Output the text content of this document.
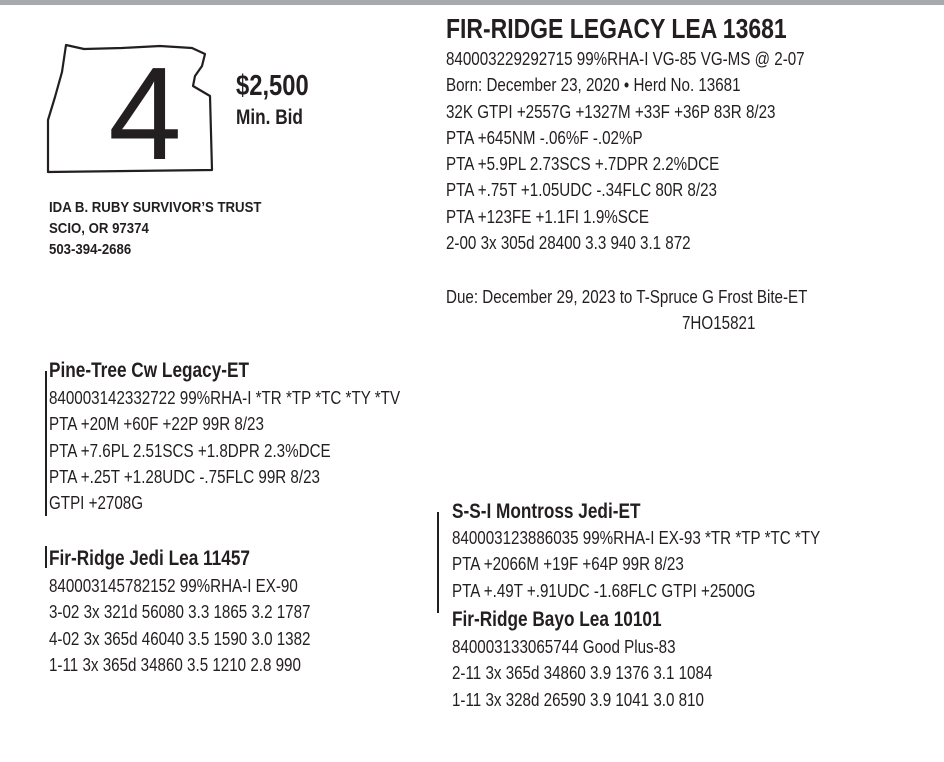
4 $2,500
Min. Bid
IDA B. RUBY SURVIVOR’S TRUST
SCIO, OR 97374
503-394-2686
FIR-RIDGE LEGACY LEA 13681
840003229292715 99%RHA-I VG-85 VG-MS @ 2-07
Born: December 23, 2020 • Herd No. 13681
32K GTPI +2557G +1327M +33F +36P 83R 8/23
PTA +645NM -.06%F -.02%P
PTA +5.9PL 2.73SCS +.7DPR 2.2%DCE
PTA +.75T +1.05UDC -.34FLC 80R 8/23
PTA +123FE +1.1FI 1.9%SCE
2-00 3x 305d 28400 3.3 940 3.1 872
Due: December 29, 2023 to T-Spruce G Frost Bite-ET
7HO15821
Pine-Tree Cw Legacy-ET
840003142332722 99%RHA-I *TR *TP *TC *TY *TV
PTA +20M +60F +22P 99R 8/23
PTA +7.6PL 2.51SCS +1.8DPR 2.3%DCE
PTA +.25T +1.28UDC -.75FLC 99R 8/23
GTPI +2708G
Fir-Ridge Jedi Lea 11457
840003145782152 99%RHA-I EX-90
3-02 3x 321d 56080 3.3 1865 3.2 1787
4-02 3x 365d 46040 3.5 1590 3.0 1382
1-11 3x 365d 34860 3.5 1210 2.8 990
S-S-I Montross Jedi-ET
840003123886035 99%RHA-I EX-93 *TR *TP *TC *TY
PTA +2066M +19F +64P 99R 8/23
PTA +.49T +.91UDC -1.68FLC GTPI +2500G
Fir-Ridge Bayo Lea 10101
840003133065744 Good Plus-83
2-11 3x 365d 34860 3.9 1376 3.1 1084
1-11 3x 328d 26590 3.9 1041 3.0 810
